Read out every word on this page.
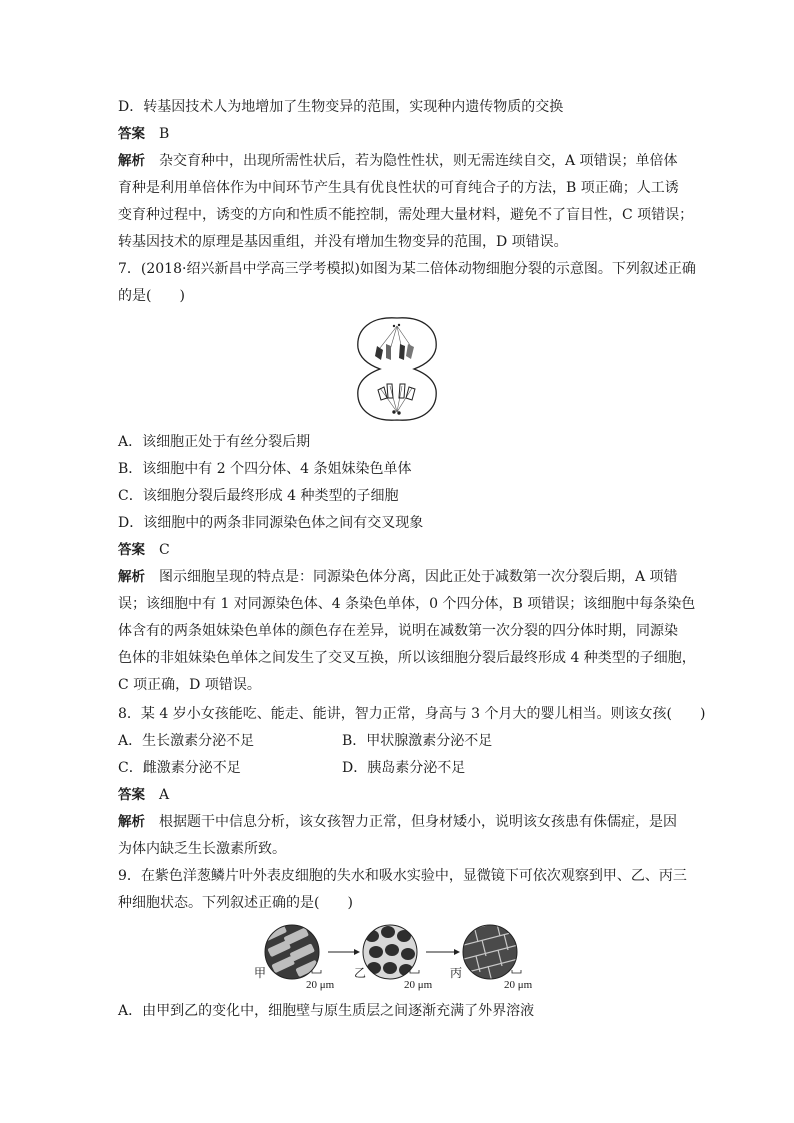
D．转基因技术人为地增加了生物变异的范围，实现种内遗传物质的交换
答案　 B
解析　 杂交育种中，出现所需性状后，若为隐性性状，则无需连续自交，A 项错误；单倍体
育种是利用单倍体作为中间环节产生具有优良性状的可育纯合子的方法，B 项正确；人工诱
变育种过程中，诱变的方向和性质不能控制，需处理大量材料，避免不了盲目性，C 项错误；
转基因技术的原理是基因重组，并没有增加生物变异的范围，D 项错误。
7．(2018·绍兴新昌中学高三学考模拟)如图为某二倍体动物细胞分裂的示意图。下列叙述正确
的是(　　)
A．该细胞正处于有丝分裂后期
B．该细胞中有 2 个四分体、4 条姐妹染色单体
C．该细胞分裂后最终形成 4 种类型的子细胞
D．该细胞中的两条非同源染色体之间有交叉现象
答案　 C
解析　 图示细胞呈现的特点是：同源染色体分离，因此正处于减数第一次分裂后期，A 项错
误；该细胞中有 1 对同源染色体、4 条染色单体，0 个四分体，B 项错误；该细胞中每条染色
体含有的两条姐妹染色单体的颜色存在差异，说明在减数第一次分裂的四分体时期，同源染
色体的非姐妹染色单体之间发生了交叉互换，所以该细胞分裂后最终形成 4 种类型的子细胞，
C 项正确，D 项错误。
8．某 4 岁小女孩能吃、能走、能讲，智力正常，身高与 3 个月大的婴儿相当。则该女孩(　　)
A．生长激素分泌不足	B．甲状腺激素分泌不足
C．雌激素分泌不足	D．胰岛素分泌不足
答案　 A
解析　 根据题干中信息分析，该女孩智力正常，但身材矮小，说明该女孩患有侏儒症，是因
为体内缺乏生长激素所致。
9．在紫色洋葱鳞片叶外表皮细胞的失水和吸水实验中，显微镜下可依次观察到甲、乙、丙三
种细胞状态。下列叙述正确的是(　　)
甲	乙	丙
20 μm	20 μm	20 μm
A．由甲到乙的变化中，细胞壁与原生质层之间逐渐充满了外界溶液
